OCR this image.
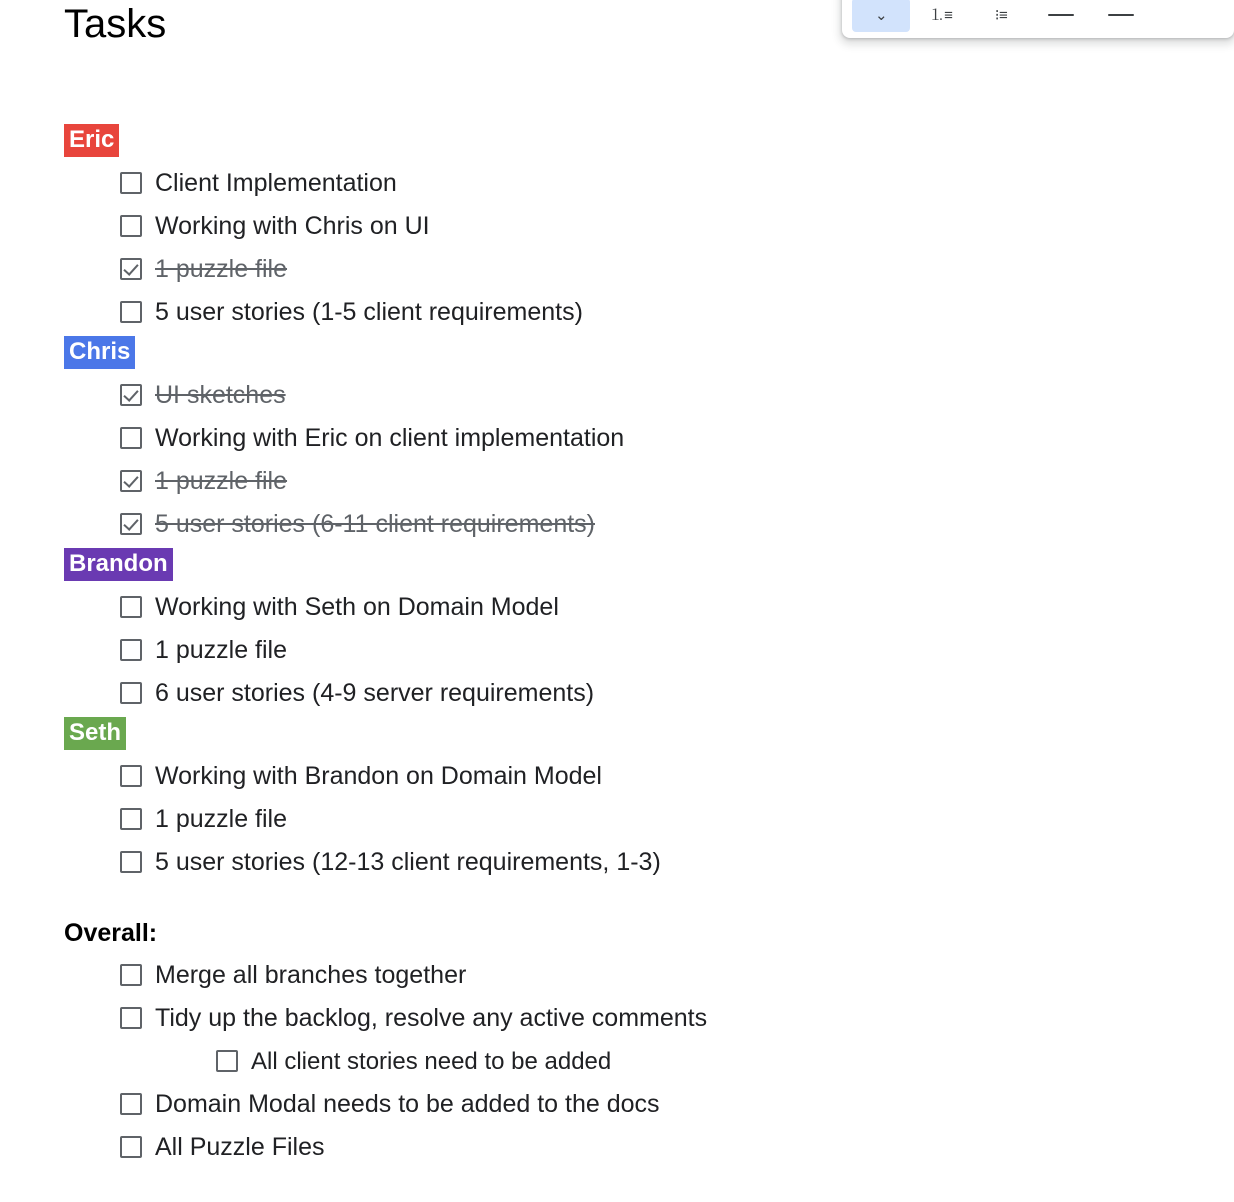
⌄	⒈≡	⁝≡
Tasks
Eric
Client Implementation
Working with Chris on UI
1 puzzle file
5 user stories (1-5 client requirements)
Chris
UI sketches
Working with Eric on client implementation
1 puzzle file
5 user stories (6-11 client requirements)
Brandon
Working with Seth on Domain Model
1 puzzle file
6 user stories (4-9 server requirements)
Seth
Working with Brandon on Domain Model
1 puzzle file
5 user stories (12-13 client requirements, 1-3)
Overall:
Merge all branches together
Tidy up the backlog, resolve any active comments
All client stories need to be added
Domain Modal needs to be added to the docs
All Puzzle Files
